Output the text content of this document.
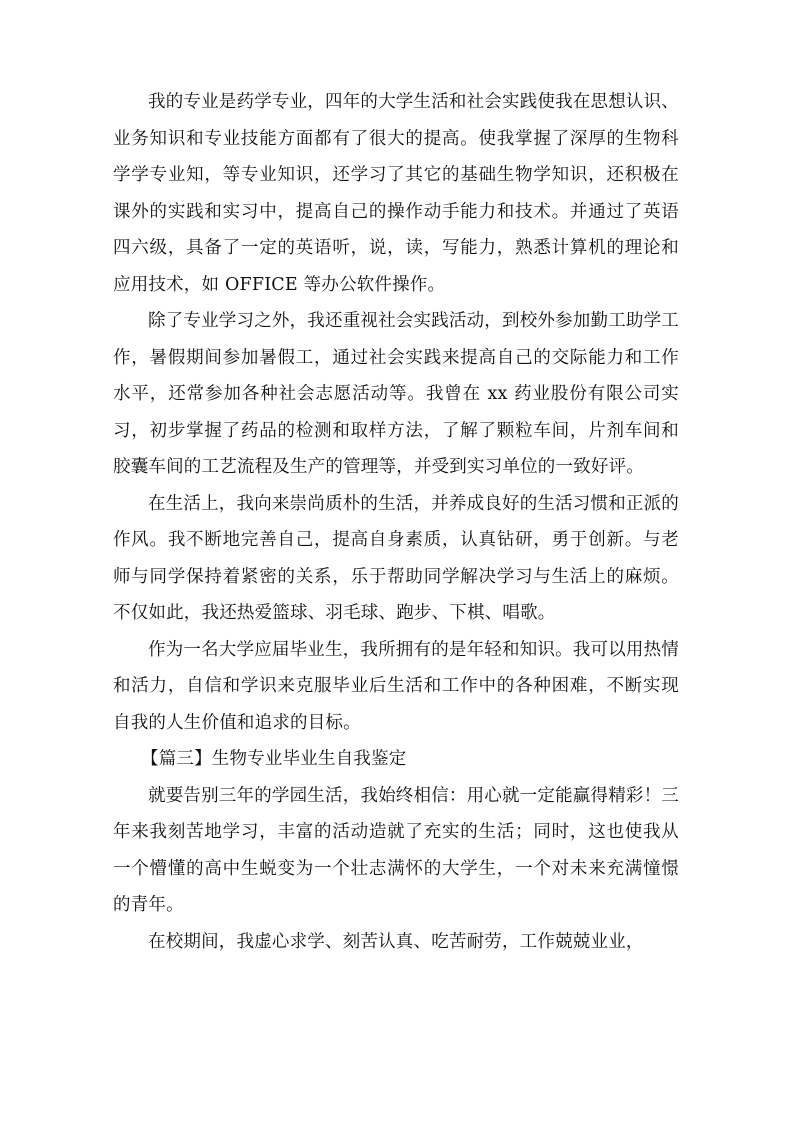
我的专业是药学专业，四年的大学生活和社会实践使我在思想认识、业务知识和专业技能方面都有了很大的提高。使我掌握了深厚的生物科学学专业知，等专业知识，还学习了其它的基础生物学知识，还积极在课外的实践和实习中，提高自己的操作动手能力和技术。并通过了英语四六级，具备了一定的英语听，说，读，写能力，熟悉计算机的理论和应用技术，如 OFFICE 等办公软件操作。

除了专业学习之外，我还重视社会实践活动，到校外参加勤工助学工作，暑假期间参加暑假工，通过社会实践来提高自己的交际能力和工作水平，还常参加各种社会志愿活动等。我曾在 xx 药业股份有限公司实习，初步掌握了药品的检测和取样方法，了解了颗粒车间，片剂车间和胶囊车间的工艺流程及生产的管理等，并受到实习单位的一致好评。

在生活上，我向来崇尚质朴的生活，并养成良好的生活习惯和正派的作风。我不断地完善自己，提高自身素质，认真钻研，勇于创新。与老师与同学保持着紧密的关系，乐于帮助同学解决学习与生活上的麻烦。不仅如此，我还热爱篮球、羽毛球、跑步、下棋、唱歌。

作为一名大学应届毕业生，我所拥有的是年轻和知识。我可以用热情和活力，自信和学识来克服毕业后生活和工作中的各种困难，不断实现自我的人生价值和追求的目标。

【篇三】生物专业毕业生自我鉴定

就要告别三年的学园生活，我始终相信：用心就一定能赢得精彩！三年来我刻苦地学习，丰富的活动造就了充实的生活；同时，这也使我从一个懵懂的高中生蜕变为一个壮志满怀的大学生，一个对未来充满憧憬的青年。

在校期间，我虚心求学、刻苦认真、吃苦耐劳，工作兢兢业业，
